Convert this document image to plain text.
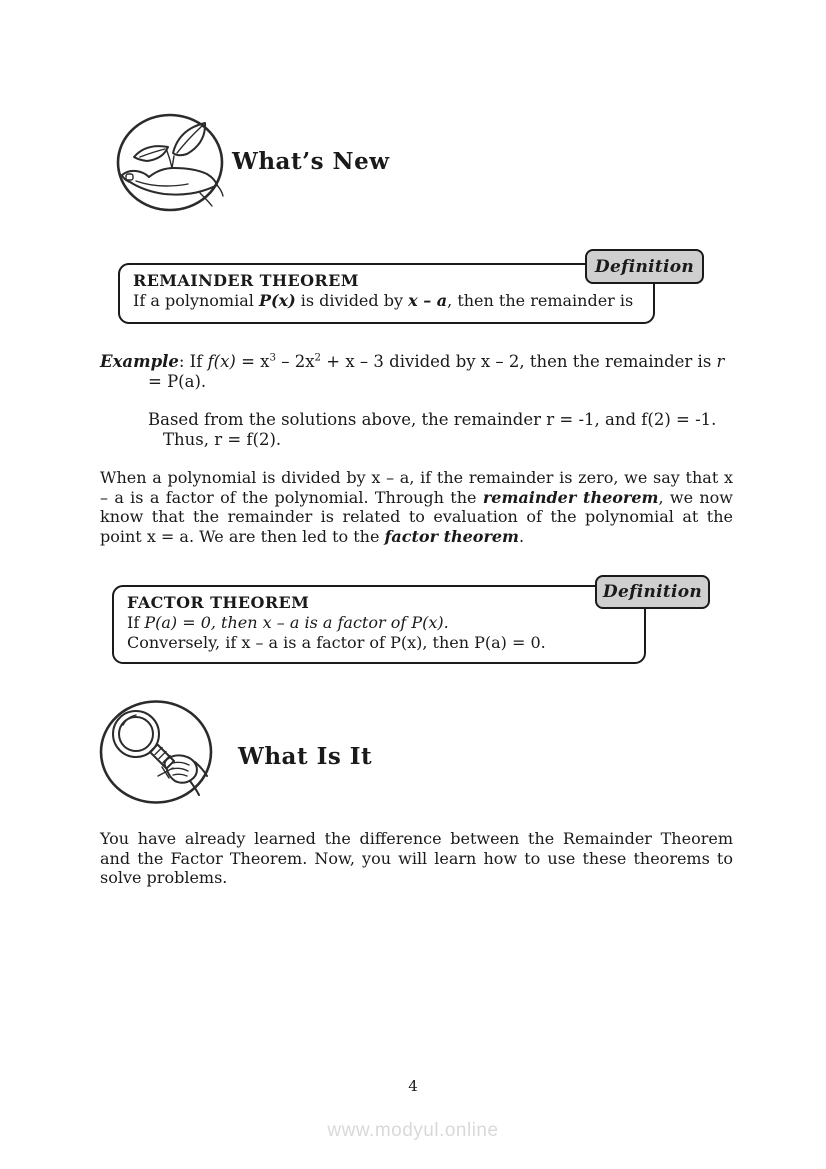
What’s New
Definition
REMAINDER THEOREM
If a polynomial P(x) is divided by x – a, then the remainder is
Example: If $f(x) = x^3 - 2x^2 + x - 3$ divided by x – 2, then the remainder is r
= P(a).
Based from the solutions above, the remainder r = -1, and f(2) = -1.
Thus, r = f(2).
When a polynomial is divided by x – a, if the remainder is zero, we say that x – a is a factor of the polynomial. Through the remainder theorem, we now know that the remainder is related to evaluation of the polynomial at the point x = a. We are then led to the factor theorem.
Definition
FACTOR THEOREM
If P(a) = 0, then x – a is a factor of P(x).
Conversely, if x – a is a factor of P(x), then P(a) = 0.
What Is It
You have already learned the difference between the Remainder Theorem and the Factor Theorem. Now, you will learn how to use these theorems to solve problems.
4
www.modyul.online
